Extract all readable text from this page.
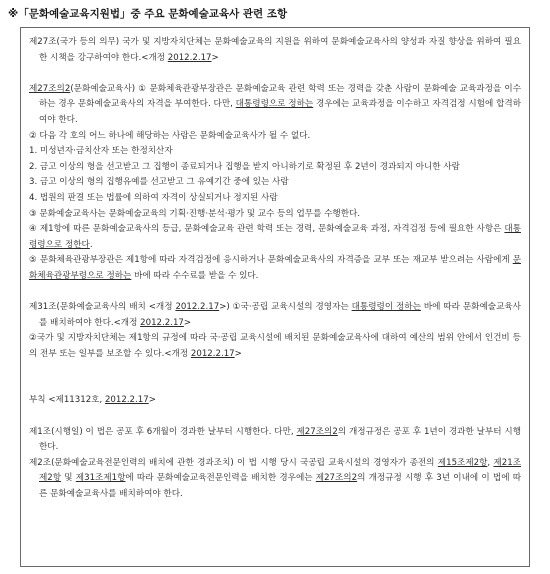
※「문화예술교육지원법」중 주요 문화예술교육사 관련 조항

제27조(국가 등의 의무) 국가 및 지방자치단체는 문화예술교육의 지원을 위하여 문화예술교육사의 양성과 자질 향상을 위하여 필요한 시책을 강구하여야 한다.<개정 2012.2.17>

제27조의2(문화예술교육사) ① 문화체육관광부장관은 문화예술교육 관련 학력 또는 경력을 갖춘 사람이 문화예술 교육과정을 이수하는 경우 문화예술교육사의 자격을 부여한다. 다만, 대통령령으로 정하는 경우에는 교육과정을 이수하고 자격검정 시험에 합격하여야 한다.

② 다음 각 호의 어느 하나에 해당하는 사람은 문화예술교육사가 될 수 없다.

1. 미성년자·금치산자 또는 한정치산자

2. 금고 이상의 형을 선고받고 그 집행이 종료되거나 집행을 받지 아니하기로 확정된 후 2년이 경과되지 아니한 사람

3. 금고 이상의 형의 집행유예를 선고받고 그 유예기간 중에 있는 사람

4. 법원의 판결 또는 법률에 의하여 자격이 상실되거나 정지된 사람

③ 문화예술교육사는 문화예술교육의 기획·진행·분석·평가 및 교수 등의 업무를 수행한다.

④ 제1항에 따른 문화예술교육사의 등급, 문화예술교육 관련 학력 또는 경력, 문화예술교육 과정, 자격검정 등에 필요한 사항은 대통령령으로 정한다.

⑤ 문화체육관광부장관은 제1항에 따라 자격검정에 응시하거나 문화예술교육사의 자격증을 교부 또는 재교부 받으려는 사람에게 문화체육관광부령으로 정하는 바에 따라 수수료를 받을 수 있다.

제31조(문화예술교육사의 배치 <개정 2012.2.17>) ①국·공립 교육시설의 경영자는 대통령령이 정하는 바에 따라 문화예술교육사를 배치하여야 한다.<개정 2012.2.17>

②국가 및 지방자치단체는 제1항의 규정에 따라 국·공립 교육시설에 배치된 문화예술교육사에 대하여 예산의 범위 안에서 인건비 등의 전부 또는 일부를 보조할 수 있다.<개정 2012.2.17>

부칙 <제11312호, 2012.2.17>

제1조(시행일) 이 법은 공포 후 6개월이 경과한 날부터 시행한다. 다만, 제27조의2의 개정규정은 공포 후 1년이 경과한 날부터 시행한다.

제2조(문화예술교육전문인력의 배치에 관한 경과조치) 이 법 시행 당시 국공립 교육시설의 경영자가 종전의 제15조제2항, 제21조제2항 및 제31조제1항에 따라 문화예술교육전문인력을 배치한 경우에는 제27조의2의 개정규정 시행 후 3년 이내에 이 법에 따른 문화예술교육사를 배치하여야 한다.
